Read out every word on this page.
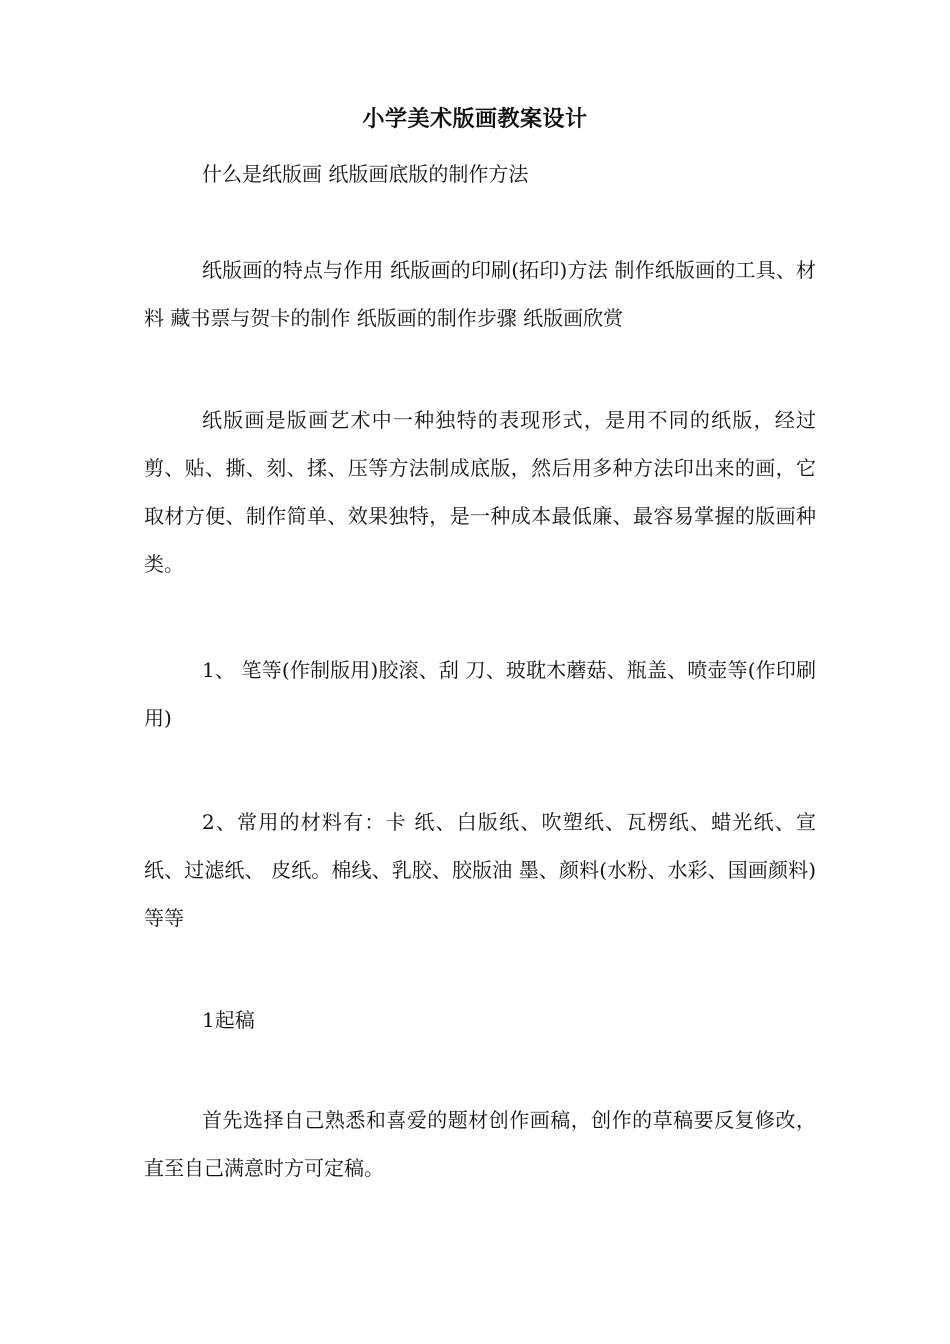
小学美术版画教案设计

什么是纸版画 纸版画底版的制作方法

纸版画的特点与作用 纸版画的印刷(拓印)方法 制作纸版画的工具、材料 藏书票与贺卡的制作 纸版画的制作步骤 纸版画欣赏

纸版画是版画艺术中一种独特的表现形式，是用不同的纸版，经过剪、贴、撕、刻、揉、压等方法制成底版，然后用多种方法印出来的画，它取材方便、制作简单、效果独特，是一种成本最低廉、最容易掌握的版画种类。

1、 笔等(作制版用)胶滚、刮 刀、玻耽木蘑菇、瓶盖、喷壶等(作印刷用)

2、常用的材料有：卡 纸、白版纸、吹塑纸、瓦楞纸、蜡光纸、宣纸、过滤纸、 皮纸。棉线、乳胶、胶版油 墨、颜料(水粉、水彩、国画颜料)等等

1起稿

首先选择自己熟悉和喜爱的题材创作画稿，创作的草稿要反复修改，直至自己满意时方可定稿。
